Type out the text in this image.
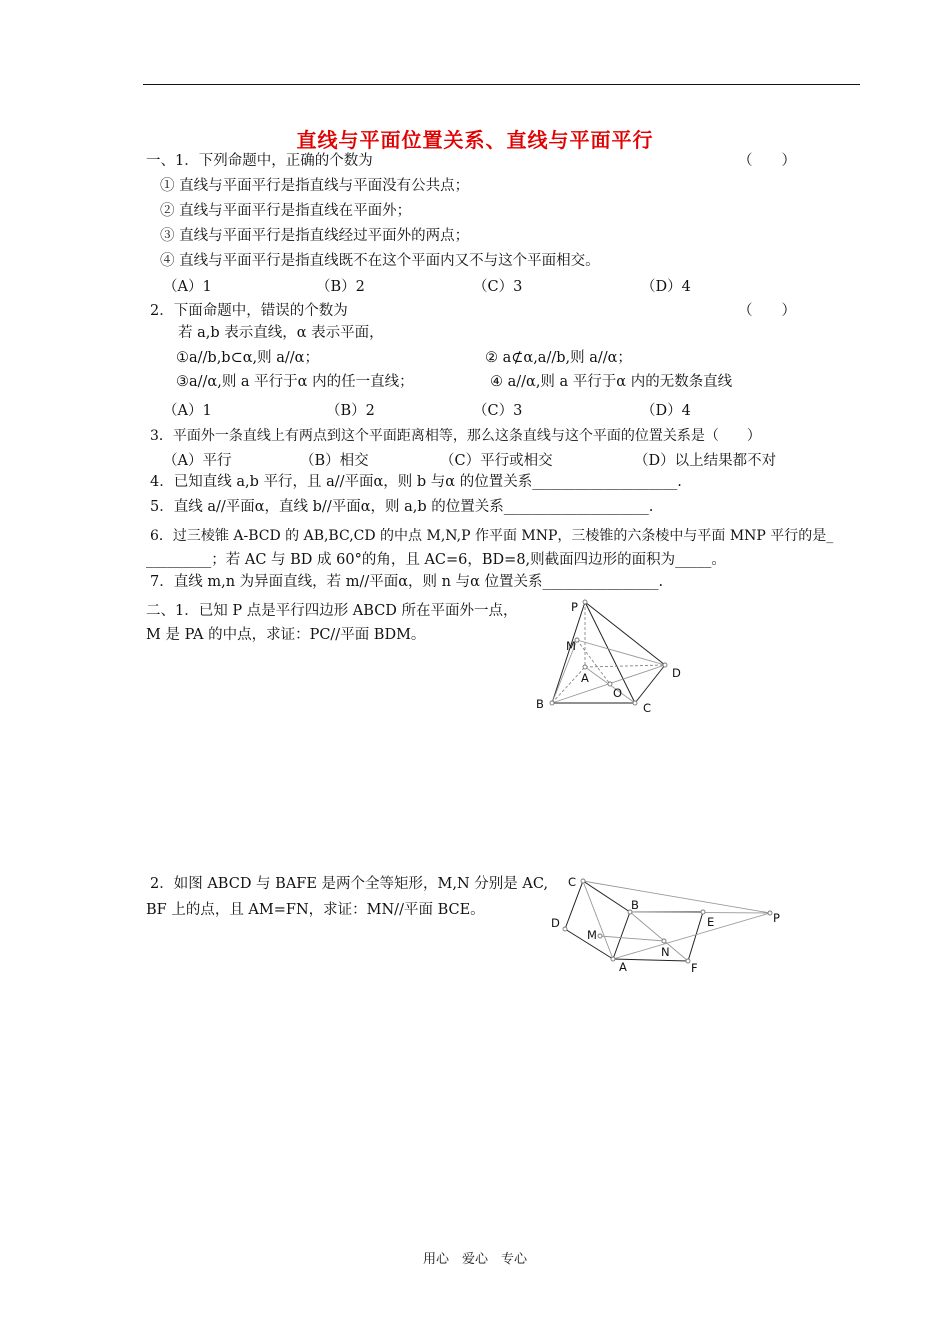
直线与平面位置关系、直线与平面平行
一、1．下列命题中，正确的个数为	（　　）
① 直线与平面平行是指直线与平面没有公共点；
② 直线与平面平行是指直线在平面外；
③ 直线与平面平行是指直线经过平面外的两点；
④ 直线与平面平行是指直线既不在这个平面内又不与这个平面相交。
（A）1	（B）2	（C）3	（D）4
2．下面命题中，错误的个数为	（　　）
若 a,b 表示直线，α 表示平面，
①a//b,b⊂α,则 a//α；	② a⊄α,a//b,则 a//α；
③a//α,则 a 平行于α 内的任一直线；	④ a//α,则 a 平行于α 内的无数条直线
（A）1	（B）2	（C）3	（D）4
3．平面外一条直线上有两点到这个平面距离相等，那么这条直线与这个平面的位置关系是（　　）
（A）平行	（B）相交	（C）平行或相交	（D）以上结果都不对
4．已知直线 a,b 平行，且 a//平面α，则 b 与α 的位置关系____________________.
5．直线 a//平面α，直线 b//平面α，则 a,b 的位置关系____________________.
6．过三棱锥 A-BCD 的 AB,BC,CD 的中点 M,N,P 作平面 MNP，三棱锥的六条棱中与平面 MNP 平行的是_
_________；若 AC 与 BD 成 60°的角，且 AC=6，BD=8,则截面四边形的面积为_____。
7．直线 m,n 为异面直线，若 m//平面α，则 n 与α 位置关系________________.
二、1．已知 P 点是平行四边形 ABCD 所在平面外一点，
M 是 PA 的中点，求证：PC//平面 BDM。
2．如图 ABCD 与 BAFE 是两个全等矩形，M,N 分别是 AC,
BF 上的点，且 AM=FN，求证：MN//平面 BCE。
P
M
A	D
O
B	C
C
B
E	P
D
M
N
A	F
用心　爱心　专心
